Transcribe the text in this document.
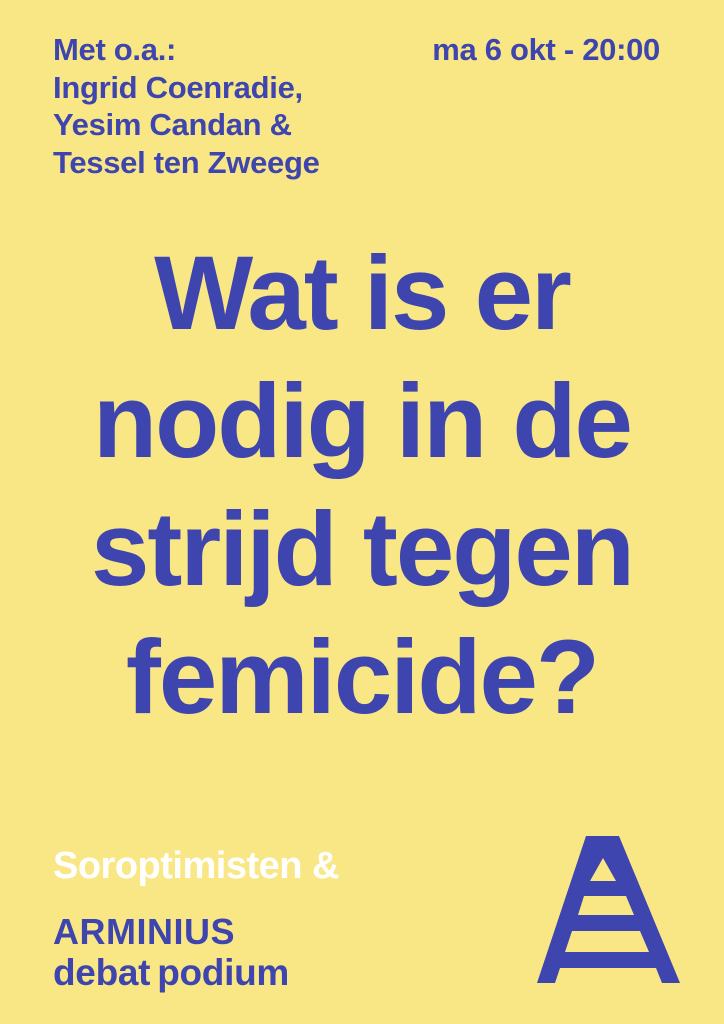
Met o.a.:
Ingrid Coenradie,
Yesim Candan &
Tessel ten Zweege
ma 6 okt - 20:00
Wat is er
nodig in de
strijd tegen
femicide?
Soroptimisten &
ARMINIUS
debat podium
